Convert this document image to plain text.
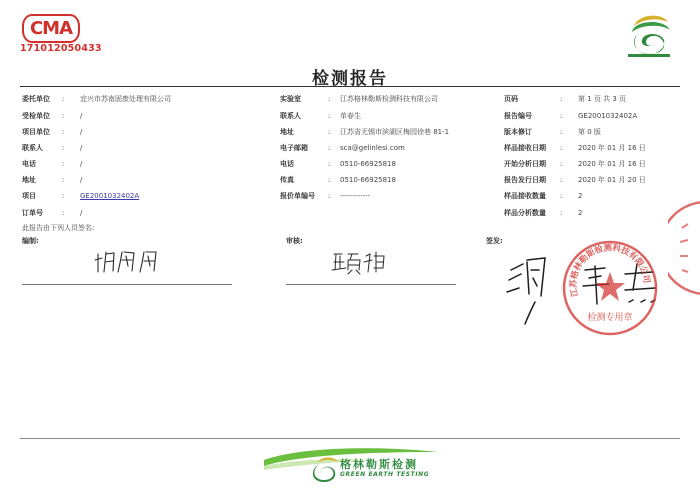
CMA
171012050433
检测报告
委托单位 : 宜兴市苏南固废处理有限公司
受检单位 : /
项目单位 : /
联系人	: /
电话	: /
地址	: /
项目	: GE2001032402A
订单号	: /
实验室	: 江苏格林勒斯检测科技有限公司
联系人	: 单春生
地址	: 江苏省无锡市滨湖区梅园徐巷 81-1
电子邮箱	: sca@gelinlesi.com
电话	: 0510-66925818
传真	: 0510-66925818
报价单编号 : ------------
页码	: 第 1 页 共 3 页
报告编号	: GE2001032402A
版本修订	: 第 0 版
样品接收日期 : 2020 年 01 月 16 日
开始分析日期 : 2020 年 01 月 16 日
报告发行日期 : 2020 年 01 月 20 日
样品接收数量 : 2
样品分析数量 : 2
此报告由下列人员签名:
编制:	审核:	签发:
江苏格林勒斯检测科技有限公司
检测专用章
格林勒斯检测
GREEN EARTH TESTING
